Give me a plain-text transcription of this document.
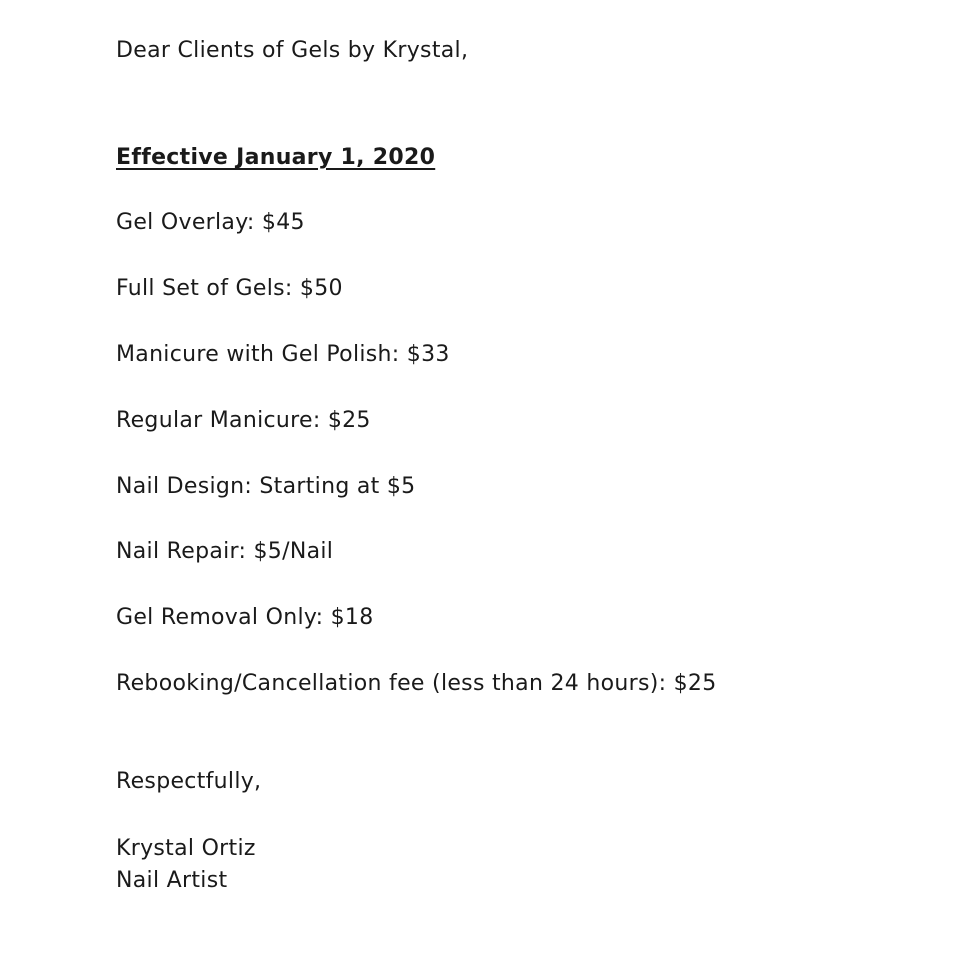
Dear Clients of Gels by Krystal,
Effective January 1, 2020
Gel Overlay: $45
Full Set of Gels: $50
Manicure with Gel Polish: $33
Regular Manicure: $25
Nail Design: Starting at $5
Nail Repair: $5/Nail
Gel Removal Only: $18
Rebooking/Cancellation fee (less than 24 hours): $25
Respectfully,
Krystal Ortiz
Nail Artist
